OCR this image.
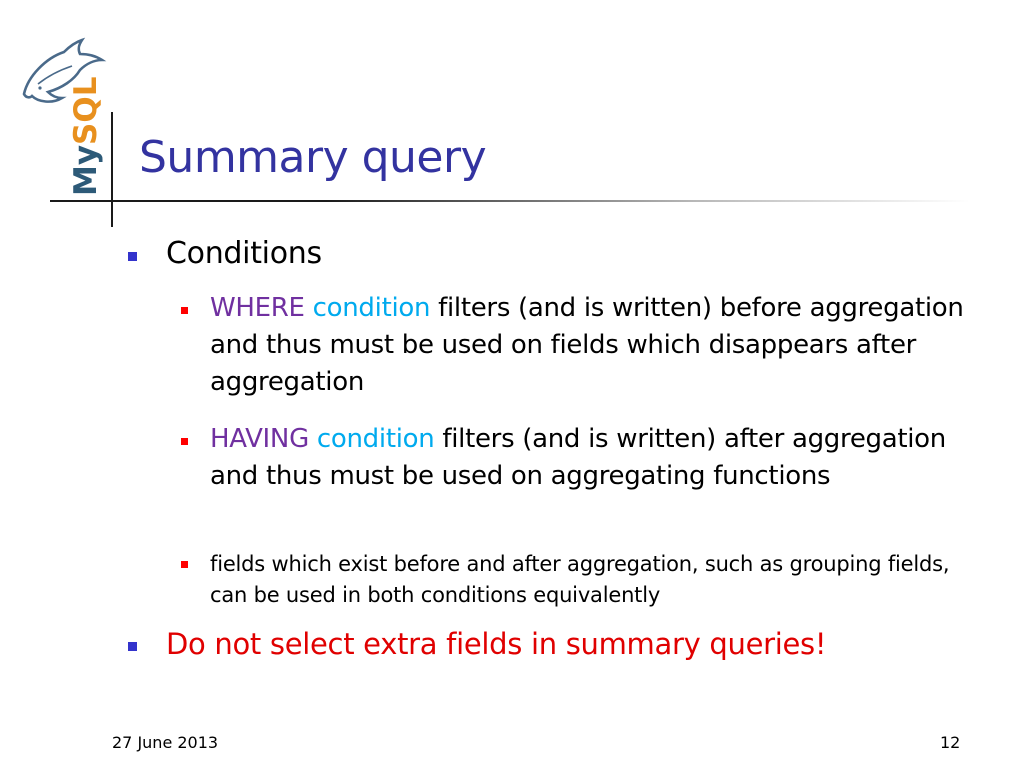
MySQL
Summary query
Conditions
WHERE condition filters (and is written) before aggregation and thus must be used on fields which disappears after aggregation
HAVING condition filters (and is written) after aggregation and thus must be used on aggregating functions
fields which exist before and after aggregation, such as grouping fields, can be used in both conditions equivalently
Do not select extra fields in summary queries!
27 June 2013	12
